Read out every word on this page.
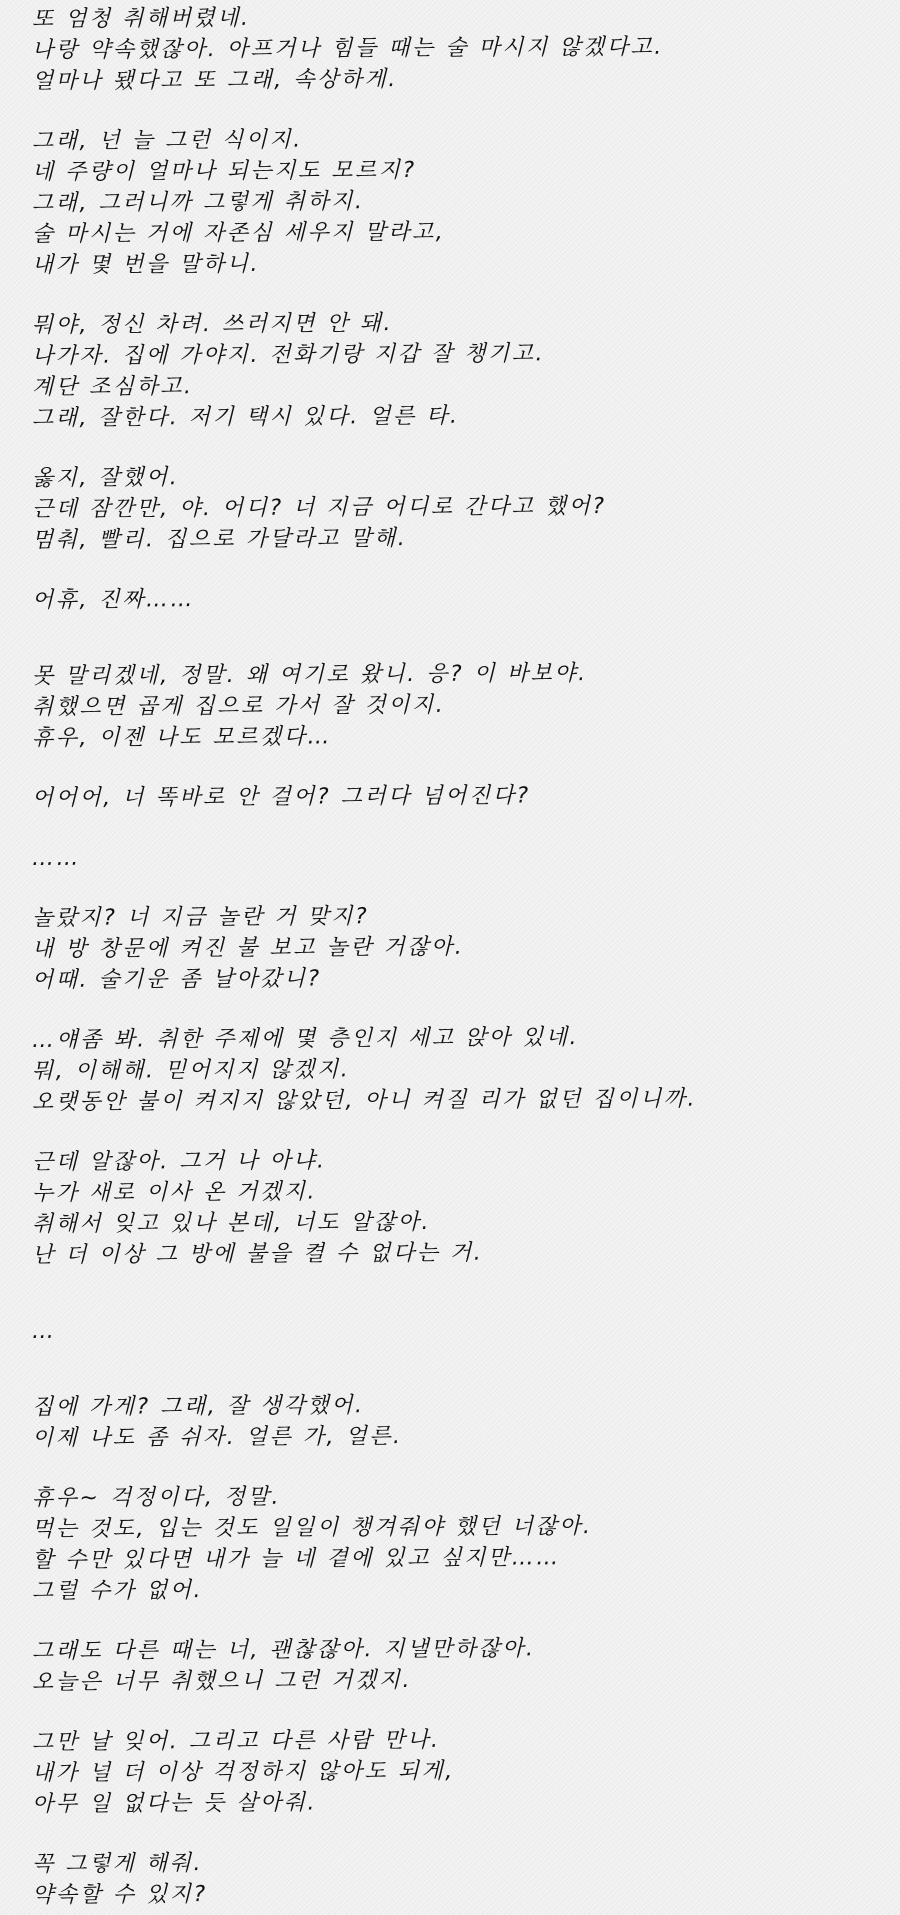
또 엄청 취해버렸네.
나랑 약속했잖아. 아프거나 힘들 때는 술 마시지 않겠다고.
얼마나 됐다고 또 그래, 속상하게.
그래, 넌 늘 그런 식이지.
네 주량이 얼마나 되는지도 모르지?
그래, 그러니까 그렇게 취하지.
술 마시는 거에 자존심 세우지 말라고,
내가 몇 번을 말하니.
뭐야, 정신 차려. 쓰러지면 안 돼.
나가자. 집에 가야지. 전화기랑 지갑 잘 챙기고.
계단 조심하고.
그래, 잘한다. 저기 택시 있다. 얼른 타.
옳지, 잘했어.
근데 잠깐만, 야. 어디? 너 지금 어디로 간다고 했어?
멈춰, 빨리. 집으로 가달라고 말해.
어휴, 진짜……
못 말리겠네, 정말. 왜 여기로 왔니. 응? 이 바보야.
취했으면 곱게 집으로 가서 잘 것이지.
휴우, 이젠 나도 모르겠다…
어어어, 너 똑바로 안 걸어? 그러다 넘어진다?
……
놀랐지? 너 지금 놀란 거 맞지?
내 방 창문에 켜진 불 보고 놀란 거잖아.
어때. 술기운 좀 날아갔니?
…얘좀 봐. 취한 주제에 몇 층인지 세고 앉아 있네.
뭐, 이해해. 믿어지지 않겠지.
오랫동안 불이 켜지지 않았던, 아니 켜질 리가 없던 집이니까.
근데 알잖아. 그거 나 아냐.
누가 새로 이사 온 거겠지.
취해서 잊고 있나 본데, 너도 알잖아.
난 더 이상 그 방에 불을 켤 수 없다는 거.
…
집에 가게? 그래, 잘 생각했어.
이제 나도 좀 쉬자. 얼른 가, 얼른.
휴우~ 걱정이다, 정말.
먹는 것도, 입는 것도 일일이 챙겨줘야 했던 너잖아.
할 수만 있다면 내가 늘 네 곁에 있고 싶지만……
그럴 수가 없어.
그래도 다른 때는 너, 괜찮잖아. 지낼만하잖아.
오늘은 너무 취했으니 그런 거겠지.
그만 날 잊어. 그리고 다른 사람 만나.
내가 널 더 이상 걱정하지 않아도 되게,
아무 일 없다는 듯 살아줘.
꼭 그렇게 해줘.
약속할 수 있지?
